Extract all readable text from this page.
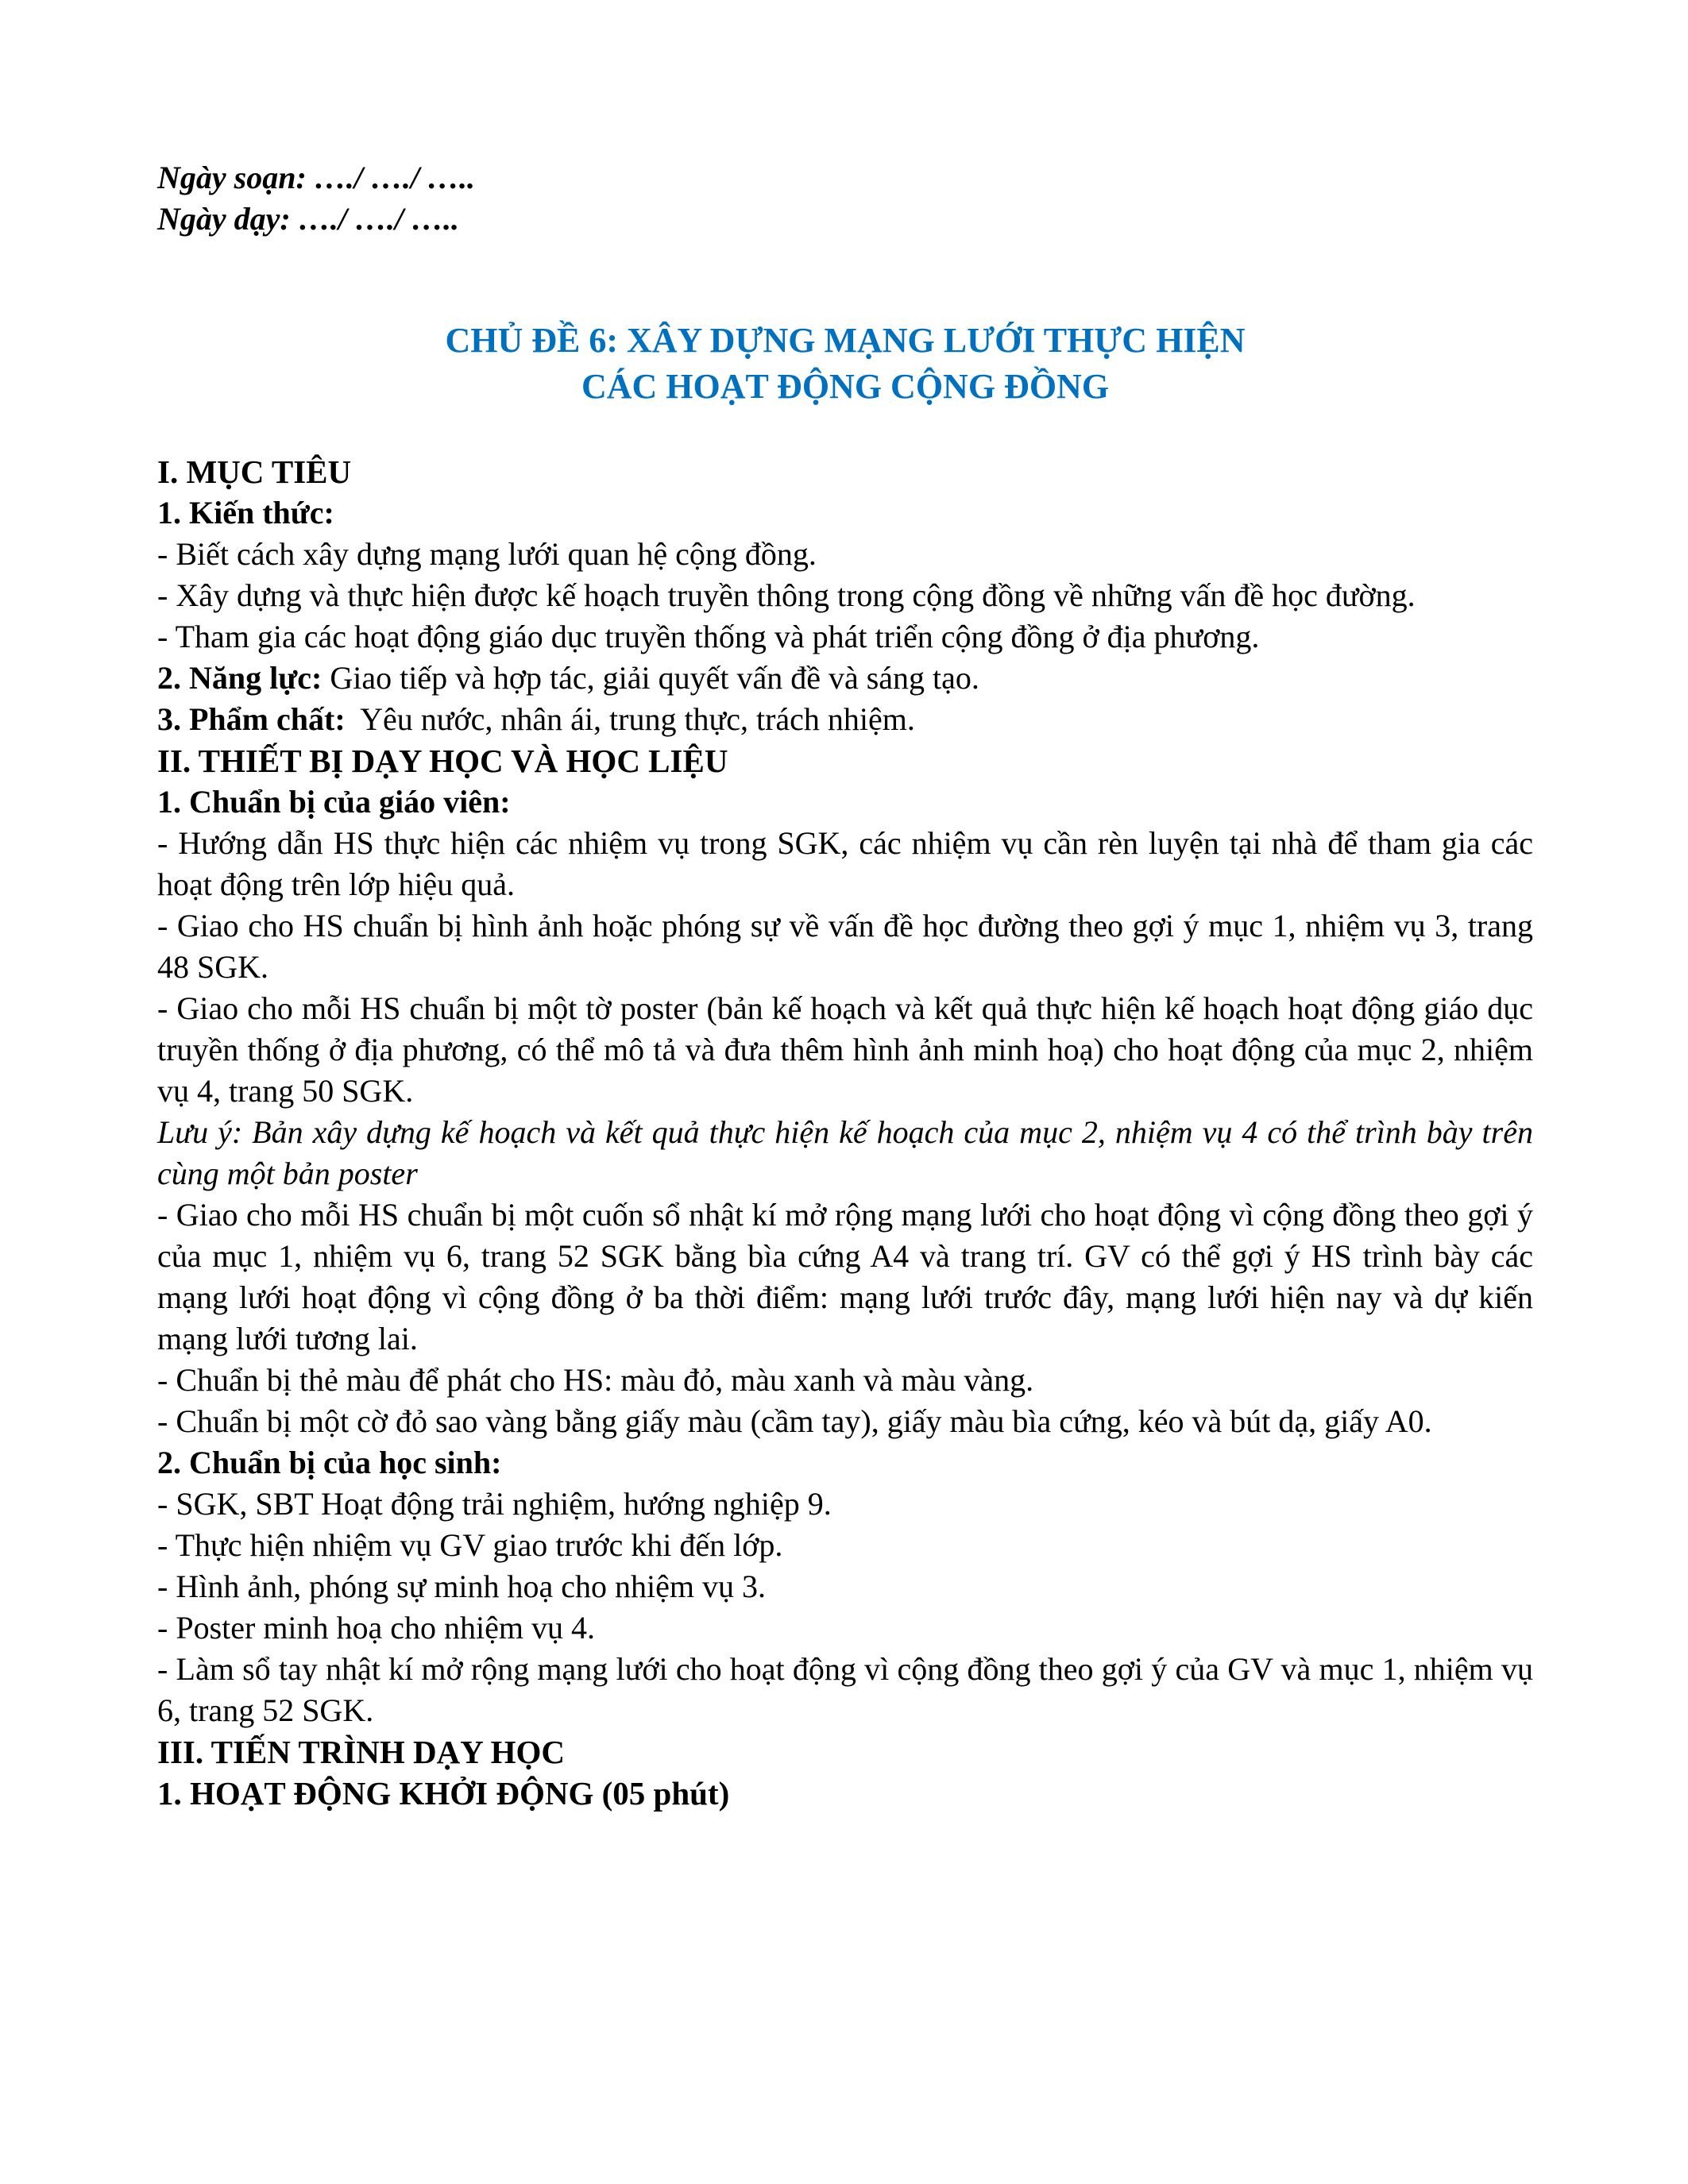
Ngày soạn: …./ …./ …..

Ngày dạy: …./ …./ …..

CHỦ ĐỀ 6: XÂY DỰNG MẠNG LƯỚI THỰC HIỆN

CÁC HOẠT ĐỘNG CỘNG ĐỒNG

I. MỤC TIÊU

1. Kiến thức:

- Biết cách xây dựng mạng lưới quan hệ cộng đồng.

- Xây dựng và thực hiện được kế hoạch truyền thông trong cộng đồng về những vấn đề học đường.

- Tham gia các hoạt động giáo dục truyền thống và phát triển cộng đồng ở địa phương.

2. Năng lực: Giao tiếp và hợp tác, giải quyết vấn đề và sáng tạo.

3. Phẩm chất:  Yêu nước, nhân ái, trung thực, trách nhiệm.

II. THIẾT BỊ DẠY HỌC VÀ HỌC LIỆU

1. Chuẩn bị của giáo viên:

- Hướng dẫn HS thực hiện các nhiệm vụ trong SGK, các nhiệm vụ cần rèn luyện tại nhà để tham gia các hoạt động trên lớp hiệu quả.

- Giao cho HS chuẩn bị hình ảnh hoặc phóng sự về vấn đề học đường theo gợi ý mục 1, nhiệm vụ 3, trang 48 SGK.

- Giao cho mỗi HS chuẩn bị một tờ poster (bản kế hoạch và kết quả thực hiện kế hoạch hoạt động giáo dục truyền thống ở địa phương, có thể mô tả và đưa thêm hình ảnh minh hoạ) cho hoạt động của mục 2, nhiệm vụ 4, trang 50 SGK.

Lưu ý: Bản xây dựng kế hoạch và kết quả thực hiện kế hoạch của mục 2, nhiệm vụ 4 có thể trình bày trên cùng một bản poster

- Giao cho mỗi HS chuẩn bị một cuốn sổ nhật kí mở rộng mạng lưới cho hoạt động vì cộng đồng theo gợi ý của mục 1, nhiệm vụ 6, trang 52 SGK bằng bìa cứng A4 và trang trí. GV có thể gợi ý HS trình bày các mạng lưới hoạt động vì cộng đồng ở ba thời điểm: mạng lưới trước đây, mạng lưới hiện nay và dự kiến mạng lưới tương lai.

- Chuẩn bị thẻ màu để phát cho HS: màu đỏ, màu xanh và màu vàng.

- Chuẩn bị một cờ đỏ sao vàng bằng giấy màu (cầm tay), giấy màu bìa cứng, kéo và bút dạ, giấy A0.

2. Chuẩn bị của học sinh:

- SGK, SBT Hoạt động trải nghiệm, hướng nghiệp 9.

- Thực hiện nhiệm vụ GV giao trước khi đến lớp.

- Hình ảnh, phóng sự minh hoạ cho nhiệm vụ 3.

- Poster minh hoạ cho nhiệm vụ 4.

- Làm sổ tay nhật kí mở rộng mạng lưới cho hoạt động vì cộng đồng theo gợi ý của GV và mục 1, nhiệm vụ 6, trang 52 SGK.

III. TIẾN TRÌNH DẠY HỌC

1. HOẠT ĐỘNG KHỞI ĐỘNG (05 phút)
